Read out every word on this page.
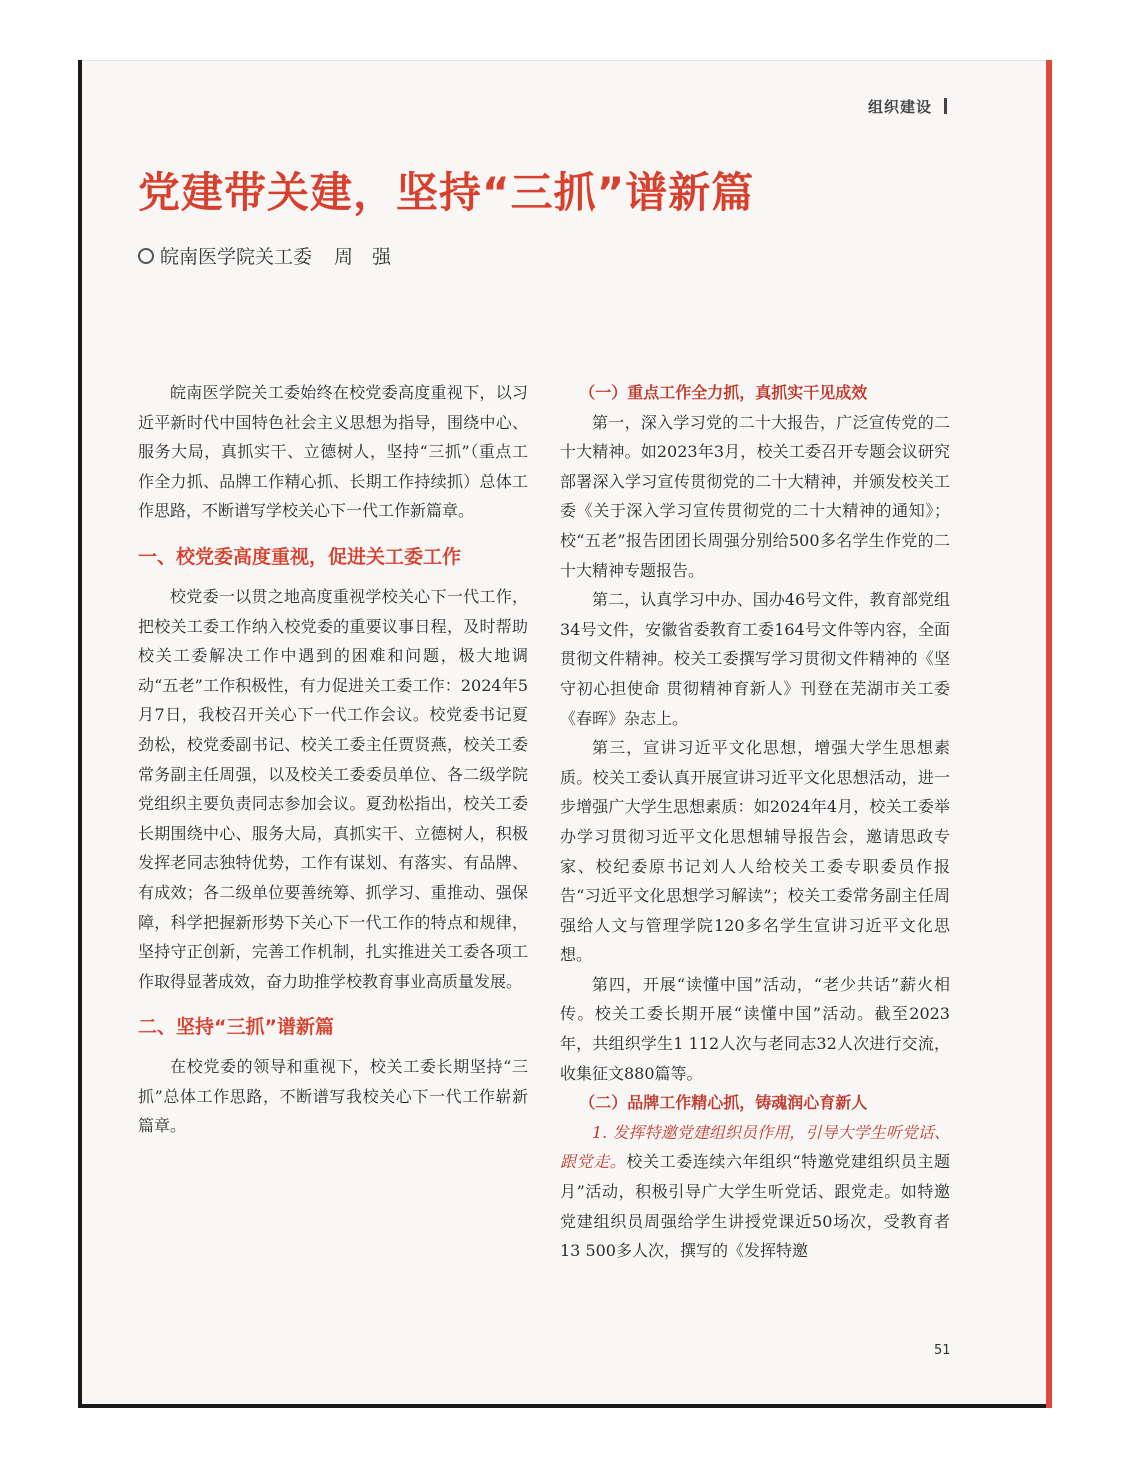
组织建设
党建带关建，坚持“三抓”谱新篇
皖南医学院关工委 周　强

皖南医学院关工委始终在校党委高度重视下，以习近平新时代中国特色社会主义思想为指导，围绕中心、服务大局，真抓实干、立德树人，坚持“三抓”（重点工作全力抓、品牌工作精心抓、长期工作持续抓）总体工作思路，不断谱写学校关心下一代工作新篇章。

一、校党委高度重视，促进关工委工作

校党委一以贯之地高度重视学校关心下一代工作，把校关工委工作纳入校党委的重要议事日程，及时帮助校关工委解决工作中遇到的困难和问题，极大地调动“五老”工作积极性，有力促进关工委工作：2024年5月7日，我校召开关心下一代工作会议。校党委书记夏劲松，校党委副书记、校关工委主任贾贤燕，校关工委常务副主任周强，以及校关工委委员单位、各二级学院党组织主要负责同志参加会议。夏劲松指出，校关工委长期围绕中心、服务大局，真抓实干、立德树人，积极发挥老同志独特优势，工作有谋划、有落实、有品牌、有成效；各二级单位要善统筹、抓学习、重推动、强保障，科学把握新形势下关心下一代工作的特点和规律，坚持守正创新，完善工作机制，扎实推进关工委各项工作取得显著成效，奋力助推学校教育事业高质量发展。

二、坚持“三抓”谱新篇

在校党委的领导和重视下，校关工委长期坚持“三抓”总体工作思路，不断谱写我校关心下一代工作崭新篇章。

（一）重点工作全力抓，真抓实干见成效

第一，深入学习党的二十大报告，广泛宣传党的二十大精神。如2023年3月，校关工委召开专题会议研究部署深入学习宣传贯彻党的二十大精神，并颁发校关工委《关于深入学习宣传贯彻党的二十大精神的通知》；校“五老”报告团团长周强分别给500多名学生作党的二十大精神专题报告。

第二，认真学习中办、国办46号文件，教育部党组34号文件，安徽省委教育工委164号文件等内容，全面贯彻文件精神。校关工委撰写学习贯彻文件精神的《坚守初心担使命 贯彻精神育新人》刊登在芜湖市关工委《春晖》杂志上。

第三，宣讲习近平文化思想，增强大学生思想素质。校关工委认真开展宣讲习近平文化思想活动，进一步增强广大学生思想素质：如2024年4月，校关工委举办学习贯彻习近平文化思想辅导报告会，邀请思政专家、校纪委原书记刘人人给校关工委专职委员作报告“习近平文化思想学习解读”；校关工委常务副主任周强给人文与管理学院120多名学生宣讲习近平文化思想。

第四，开展“读懂中国”活动，“老少共话”薪火相传。校关工委长期开展“读懂中国”活动。截至2023年，共组织学生1 112人次与老同志32人次进行交流，收集征文880篇等。

（二）品牌工作精心抓，铸魂润心育新人

1. 发挥特邀党建组织员作用，引导大学生听党话、跟党走。校关工委连续六年组织“特邀党建组织员主题月”活动，积极引导广大学生听党话、跟党走。如特邀党建组织员周强给学生讲授党课近50场次，受教育者13 500多人次，撰写的《发挥特邀

51
